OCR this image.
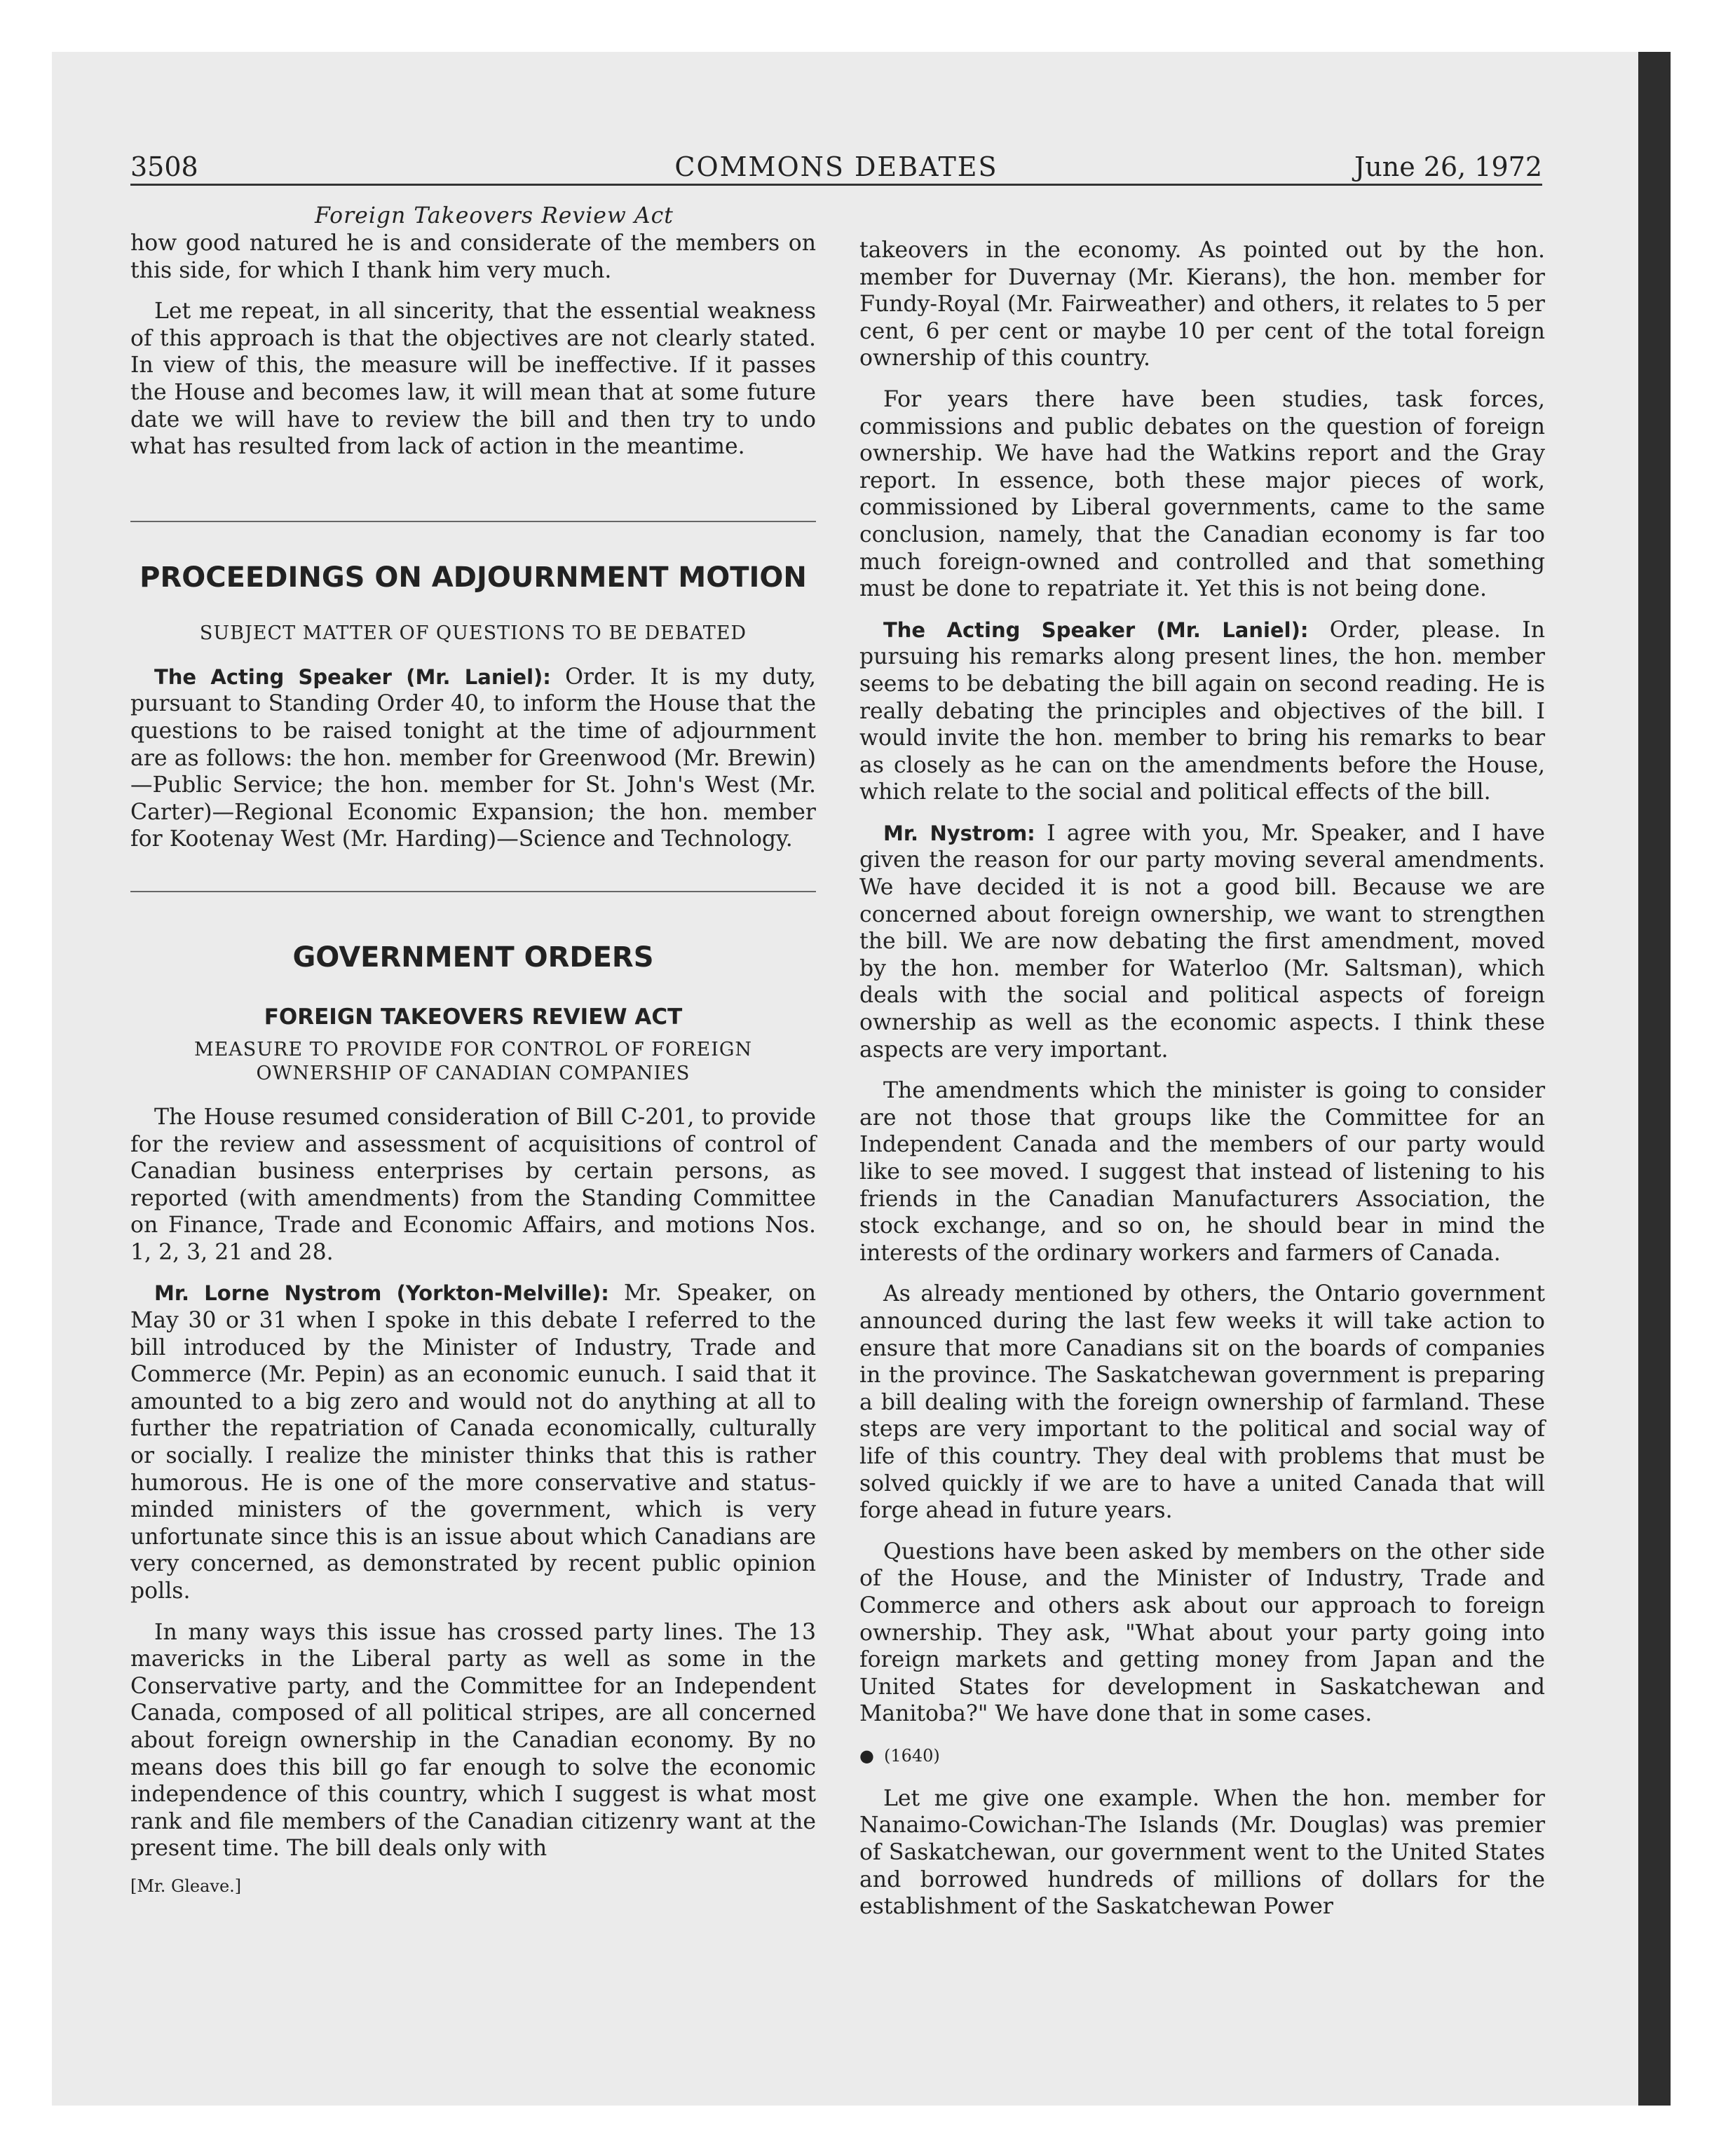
3508	COMMONS DEBATES	June 26, 1972
Foreign Takeovers Review Act

how good natured he is and considerate of the members on this side, for which I thank him very much.

Let me repeat, in all sincerity, that the essential weakness of this approach is that the objectives are not clearly stated. In view of this, the measure will be ineffective. If it passes the House and becomes law, it will mean that at some future date we will have to review the bill and then try to undo what has resulted from lack of action in the meantime.

PROCEEDINGS ON ADJOURNMENT MOTION
SUBJECT MATTER OF QUESTIONS TO BE DEBATED

The Acting Speaker (Mr. Laniel): Order. It is my duty, pursuant to Standing Order 40, to inform the House that the questions to be raised tonight at the time of adjournment are as follows: the hon. member for Greenwood (Mr. Brewin)—Public Service; the hon. member for St. John's West (Mr. Carter)—Regional Economic Expansion; the hon. member for Kootenay West (Mr. Harding)—Science and Technology.

GOVERNMENT ORDERS
FOREIGN TAKEOVERS REVIEW ACT
MEASURE TO PROVIDE FOR CONTROL OF FOREIGN OWNERSHIP OF CANADIAN COMPANIES

The House resumed consideration of Bill C-201, to provide for the review and assessment of acquisitions of control of Canadian business enterprises by certain persons, as reported (with amendments) from the Standing Committee on Finance, Trade and Economic Affairs, and motions Nos. 1, 2, 3, 21 and 28.

Mr. Lorne Nystrom (Yorkton-Melville): Mr. Speaker, on May 30 or 31 when I spoke in this debate I referred to the bill introduced by the Minister of Industry, Trade and Commerce (Mr. Pepin) as an economic eunuch. I said that it amounted to a big zero and would not do anything at all to further the repatriation of Canada economically, culturally or socially. I realize the minister thinks that this is rather humorous. He is one of the more conservative and status-minded ministers of the government, which is very unfortunate since this is an issue about which Canadians are very concerned, as demonstrated by recent public opinion polls.

In many ways this issue has crossed party lines. The 13 mavericks in the Liberal party as well as some in the Conservative party, and the Committee for an Independent Canada, composed of all political stripes, are all concerned about foreign ownership in the Canadian economy. By no means does this bill go far enough to solve the economic independence of this country, which I suggest is what most rank and file members of the Canadian citizenry want at the present time. The bill deals only with

[Mr. Gleave.]

takeovers in the economy. As pointed out by the hon. member for Duvernay (Mr. Kierans), the hon. member for Fundy-Royal (Mr. Fairweather) and others, it relates to 5 per cent, 6 per cent or maybe 10 per cent of the total foreign ownership of this country.

For years there have been studies, task forces, commissions and public debates on the question of foreign ownership. We have had the Watkins report and the Gray report. In essence, both these major pieces of work, commissioned by Liberal governments, came to the same conclusion, namely, that the Canadian economy is far too much foreign-owned and controlled and that something must be done to repatriate it. Yet this is not being done.

The Acting Speaker (Mr. Laniel): Order, please. In pursuing his remarks along present lines, the hon. member seems to be debating the bill again on second reading. He is really debating the principles and objectives of the bill. I would invite the hon. member to bring his remarks to bear as closely as he can on the amendments before the House, which relate to the social and political effects of the bill.

Mr. Nystrom: I agree with you, Mr. Speaker, and I have given the reason for our party moving several amendments. We have decided it is not a good bill. Because we are concerned about foreign ownership, we want to strengthen the bill. We are now debating the first amendment, moved by the hon. member for Waterloo (Mr. Saltsman), which deals with the social and political aspects of foreign ownership as well as the economic aspects. I think these aspects are very important.

The amendments which the minister is going to consider are not those that groups like the Committee for an Independent Canada and the members of our party would like to see moved. I suggest that instead of listening to his friends in the Canadian Manufacturers Association, the stock exchange, and so on, he should bear in mind the interests of the ordinary workers and farmers of Canada.

As already mentioned by others, the Ontario government announced during the last few weeks it will take action to ensure that more Canadians sit on the boards of companies in the province. The Saskatchewan government is preparing a bill dealing with the foreign ownership of farmland. These steps are very important to the political and social way of life of this country. They deal with problems that must be solved quickly if we are to have a united Canada that will forge ahead in future years.

Questions have been asked by members on the other side of the House, and the Minister of Industry, Trade and Commerce and others ask about our approach to foreign ownership. They ask, "What about your party going into foreign markets and getting money from Japan and the United States for development in Saskatchewan and Manitoba?" We have done that in some cases.

● (1640)

Let me give one example. When the hon. member for Nanaimo-Cowichan-The Islands (Mr. Douglas) was premier of Saskatchewan, our government went to the United States and borrowed hundreds of millions of dollars for the establishment of the Saskatchewan Power
